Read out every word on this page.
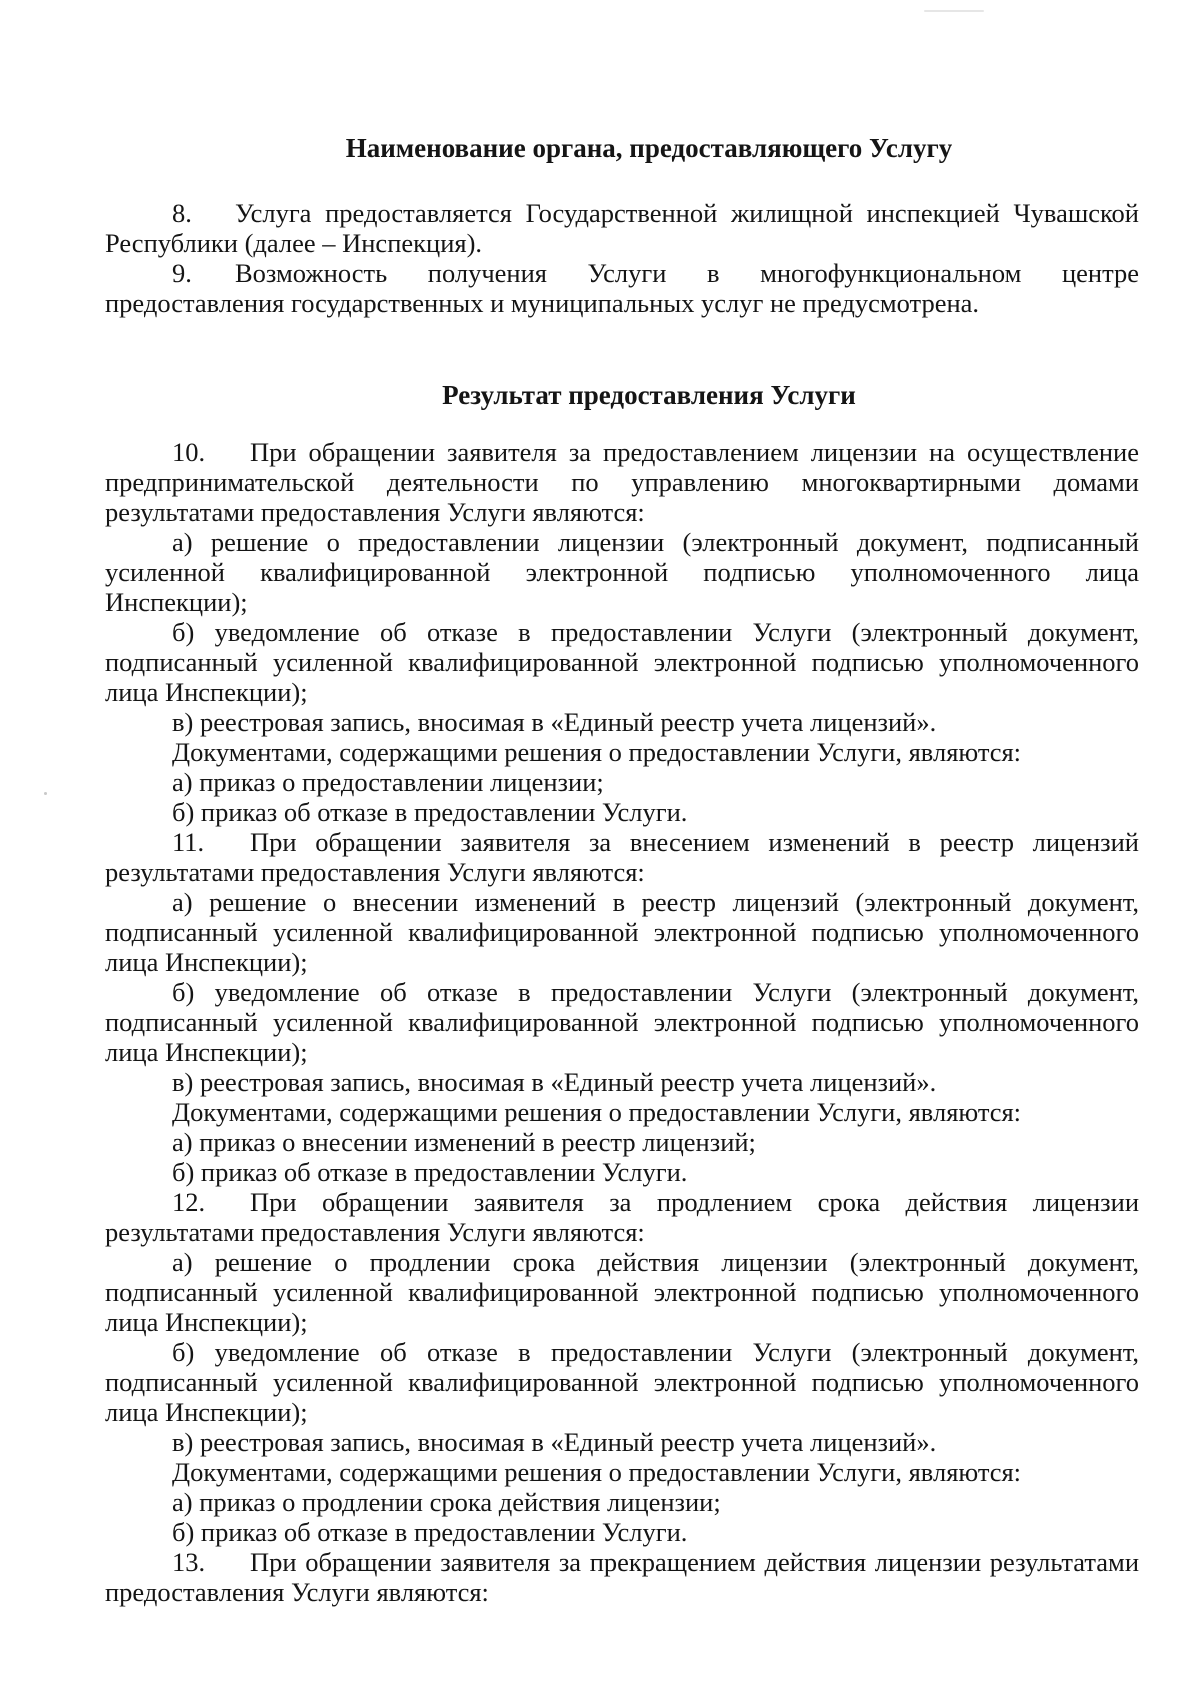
Наименование органа, предоставляющего Услугу

8. Услуга предоставляется Государственной жилищной инспекцией Чувашской Республики (далее – Инспекция).

9. Возможность получения Услуги в многофункциональном центре предоставления государственных и муниципальных услуг не предусмотрена.

Результат предоставления Услуги

10. При обращении заявителя за предоставлением лицензии на осуществление предпринимательской деятельности по управлению многоквартирными домами результатами предоставления Услуги являются:

а) решение о предоставлении лицензии (электронный документ, подписанный усиленной квалифицированной электронной подписью уполномоченного лица Инспекции);

б) уведомление об отказе в предоставлении Услуги (электронный документ, подписанный усиленной квалифицированной электронной подписью уполномоченного лица Инспекции);

в) реестровая запись, вносимая в «Единый реестр учета лицензий».

Документами, содержащими решения о предоставлении Услуги, являются:

а) приказ о предоставлении лицензии;

б) приказ об отказе в предоставлении Услуги.

11. При обращении заявителя за внесением изменений в реестр лицензий результатами предоставления Услуги являются:

а) решение о внесении изменений в реестр лицензий (электронный документ, подписанный усиленной квалифицированной электронной подписью уполномоченного лица Инспекции);

б) уведомление об отказе в предоставлении Услуги (электронный документ, подписанный усиленной квалифицированной электронной подписью уполномоченного лица Инспекции);

в) реестровая запись, вносимая в «Единый реестр учета лицензий».

Документами, содержащими решения о предоставлении Услуги, являются:

а) приказ о внесении изменений в реестр лицензий;

б) приказ об отказе в предоставлении Услуги.

12. При обращении заявителя за продлением срока действия лицензии результатами предоставления Услуги являются:

а) решение о продлении срока действия лицензии (электронный документ, подписанный усиленной квалифицированной электронной подписью уполномоченного лица Инспекции);

б) уведомление об отказе в предоставлении Услуги (электронный документ, подписанный усиленной квалифицированной электронной подписью уполномоченного лица Инспекции);

в) реестровая запись, вносимая в «Единый реестр учета лицензий».

Документами, содержащими решения о предоставлении Услуги, являются:

а) приказ о продлении срока действия лицензии;

б) приказ об отказе в предоставлении Услуги.

13. При обращении заявителя за прекращением действия лицензии результатами предоставления Услуги являются:
